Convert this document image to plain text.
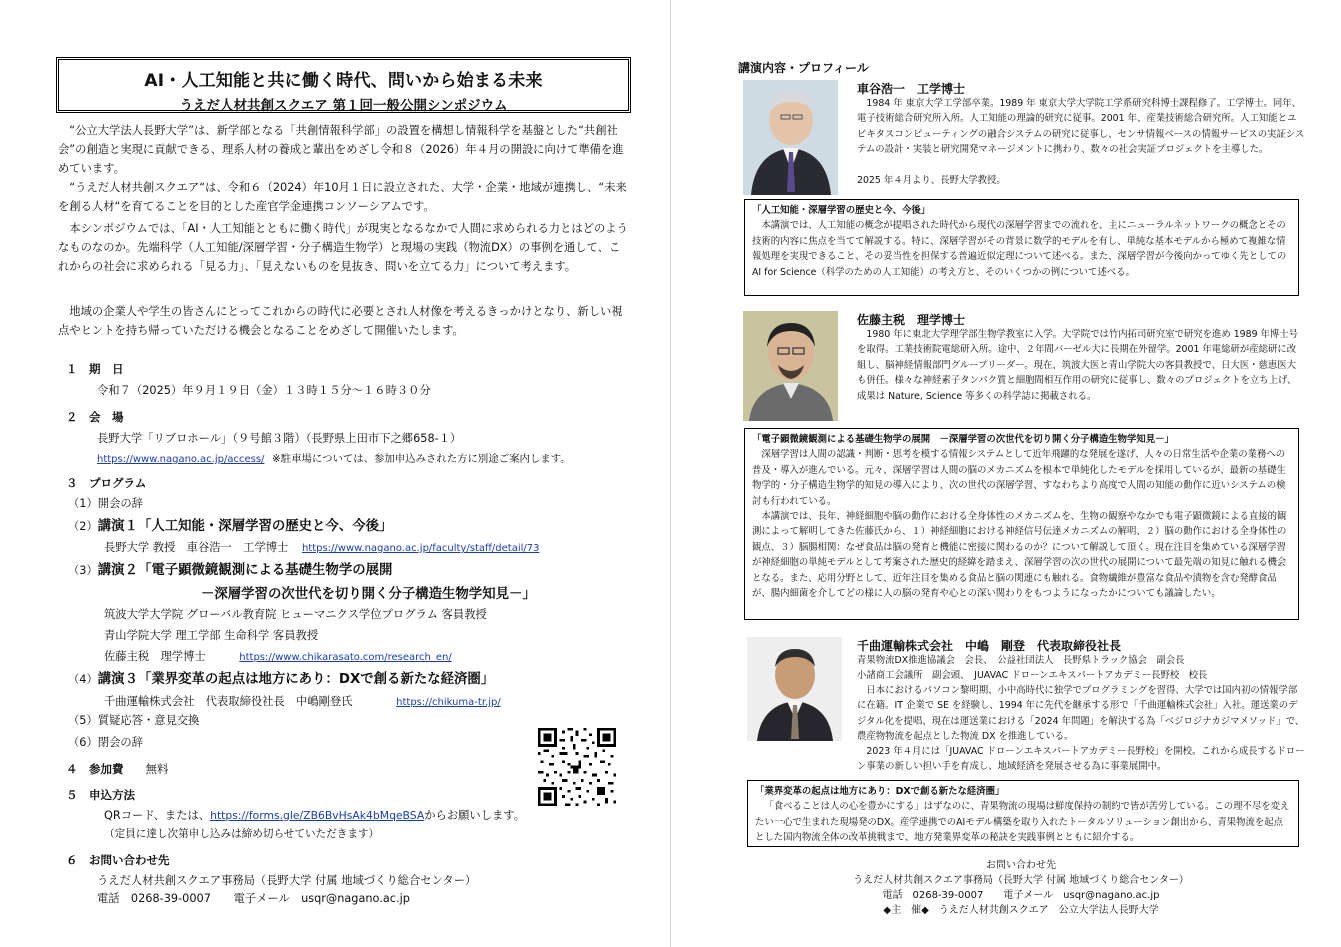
AI・人工知能と共に働く時代、問いから始まる未来
うえだ人材共創スクエア 第１回一般公開シンポジウム
“公立大学法人長野大学”は、新学部となる「共創情報科学部」の設置を構想し情報科学を基盤とした“共創社会”の創造と実現に貢献できる、理系人材の養成と輩出をめざし令和８（2026）年４月の開設に向けて準備を進めています。
“うえだ人材共創スクエア“は、令和６（2024）年10月１日に設立された、大学・企業・地域が連携し、“未来を創る人材“を育てることを目的とした産官学金連携コンソーシアムです。
本シンポジウムでは、「AI・人工知能とともに働く時代」が現実となるなかで人間に求められる力とはどのようなものなのか。先端科学（人工知能/深層学習・分子構造生物学）と現場の実践（物流DX）の事例を通して、これからの社会に求められる「見る力」、「見えないものを見抜き、問いを立てる力」について考えます。
地域の企業人や学生の皆さんにとってこれからの時代に必要とされ人材像を考えるきっかけとなり、新しい視点やヒントを持ち帰っていただける機会となることをめざして開催いたします。
１　期　日
令和７（2025）年９月１９日（金）１３時１５分～１６時３０分
２　会　場
長野大学「リブロホール」（９号館３階）（長野県上田市下之郷658-１）
https://www.nagano.ac.jp/access/ ※駐車場については、参加申込みされた方に別途ご案内します。
３　プログラム
（1）開会の辞
（2）講演１「人工知能・深層学習の歴史と今、今後」
長野大学 教授　車谷浩一　工学博士 https://www.nagano.ac.jp/faculty/staff/detail/73
（3）講演２「電子顕微鏡観測による基礎生物学の展開
－深層学習の次世代を切り開く分子構造生物学知見－」
筑波大学大学院 グローバル教育院 ヒューマニクス学位プログラム 客員教授
青山学院大学 理工学部 生命科学 客員教授
佐藤主税　理学博士	https://www.chikarasato.com/research_en/
（4）講演３「業界変革の起点は地方にあり：DXで創る新たな経済圏」
千曲運輸株式会社　代表取締役社長　中嶋剛登氏	https://chikuma-tr.jp/
（5）質疑応答・意見交換
（6）閉会の辞
４　参加費 無料
５　申込方法
QRコード、または、https://forms.gle/ZB6BvHsAk4bMqeBSAからお願いします。
（定員に達し次第申し込みは締め切らせていただきます）
６　お問い合わせ先
うえだ人材共創スクエア事務局（長野大学 付属 地域づくり総合センター）
電話　0268-39-0007　　電子メール　usqr@nagano.ac.jp
講演内容・プロフィール
車谷浩一　工学博士
1984 年 東京大学工学部卒業。1989 年 東京大学大学院工学系研究科博士課程修了。工学博士。同年、電子技術総合研究所入所。人工知能の理論的研究に従事。2001 年、産業技術総合研究所。人工知能とユビキタスコンピューティングの融合システムの研究に従事し、センサ情報ベースの情報サービスの実証システムの設計・実装と研究開発マネージメントに携わり、数々の社会実証プロジェクトを主導した。
2025 年４月より、長野大学教授。
「人工知能・深層学習の歴史と今、今後」
本講演では、人工知能の概念が提唱された時代から現代の深層学習までの流れを、主にニューラルネットワークの概念とその技術的内容に焦点を当てて解説する。特に、深層学習がその背景に数学的モデルを有し、単純な基本モデルから極めて複雑な情報処理を実現できること、その妥当性を担保する普遍近似定理について述べる。また、深層学習が今後向かってゆく先としての AI for Science（科学のための人工知能）の考え方と、そのいくつかの例について述べる。
佐藤主税　理学博士
1980 年に東北大学理学部生物学教室に入学。大学院では竹内拓司研究室で研究を進め 1989 年博士号を取得。工業技術院電総研入所。途中、２年間バーゼル大に長期在外留学。2001 年電総研が産総研に改組し、脳神経情報部門グループリーダー。現在、筑波大医と青山学院大の客員教授で、日大医・慈恵医大も併任。様々な神経素子タンパク質と細胞間相互作用の研究に従事し、数々のプロジェクトを立ち上げ、成果は Nature, Science 等多くの科学誌に掲載される。
「電子顕微鏡観測による基礎生物学の展開　－深層学習の次世代を切り開く分子構造生物学知見－」
深層学習は人間の認識・判断・思考を模する情報システムとして近年飛躍的な発展を遂げ、人々の日常生活や企業の業務への普及・導入が進んでいる。元々、深層学習は人間の脳のメカニズムを根本で単純化したモデルを採用しているが、最新の基礎生物学的・分子構造生物学的知見の導入により、次の世代の深層学習、すなわちより高度で人間の知能の動作に近いシステムの検討も行われている。
本講演では、長年、神経細胞や脳の動作における全身体性のメカニズムを、生物の観察やなかでも電子顕微鏡による直接的観測によって解明してきた佐藤氏から、１）神経細胞における神経信号伝達メカニズムの解明、２）脳の動作における全身体性の観点、３）脳腸相関：なぜ食品は脳の発育と機能に密接に関わるのか？について解説して頂く。現在注目を集めている深層学習が神経細胞の単純モデルとして考案された歴史的経緯を踏まえ、深層学習の次の世代の展開について最先端の知見に触れる機会となる。また、応用分野として、近年注目を集める食品と脳の関連にも触れる。食物繊維が豊富な食品や漬物を含む発酵食品が、腸内細菌を介してどの様に人の脳の発育や心との深い関わりをもつようになったかについても議論したい。
千曲運輸株式会社　中嶋　剛登　代表取締役社長
青果物流DX推進協議会　会長、　公益社団法人　長野県トラック協会　副会長
小諸商工会議所　副会頭、　JUAVAC ドローンエキスパートアカデミー長野校　校長
日本におけるパソコン黎明期、小中高時代に独学でプログラミングを習得、大学では国内初の情報学部に在籍。IT 企業で SE を経験し、1994 年に先代を継承する形で「千曲運輸株式会社」入社。運送業のデジタル化を提唱、現在は運送業における「2024 年問題」を解決する為「ベジロジナカジマメソッド」で、農産物物流を起点とした物流 DX を推進している。
2023 年４月には「JUAVAC ドローンエキスパートアカデミー長野校」を開校。これから成長するドローン事業の新しい担い手を育成し、地域経済を発展させる為に事業展開中。
「業界変革の起点は地方にあり：DXで創る新たな経済圏」
「食べることは人の心を豊かにする」はずなのに、青果物流の現場は鮮度保持の制約で皆が苦労している。この理不尽を変えたい一心で生まれた現場発のDX。産学連携でのAIモデル構築を取り入れたトータルソリューション創出から、青果物流を起点とした国内物流全体の改革挑戦まで、地方発業界変革の秘訣を実践事例とともに紹介する。
お問い合わせ先
うえだ人材共創スクエア事務局（長野大学 付属 地域づくり総合センター）
電話　0268-39-0007　　電子メール　usqr@nagano.ac.jp
◆主　催◆　うえだ人材共創スクエア　公立大学法人長野大学
